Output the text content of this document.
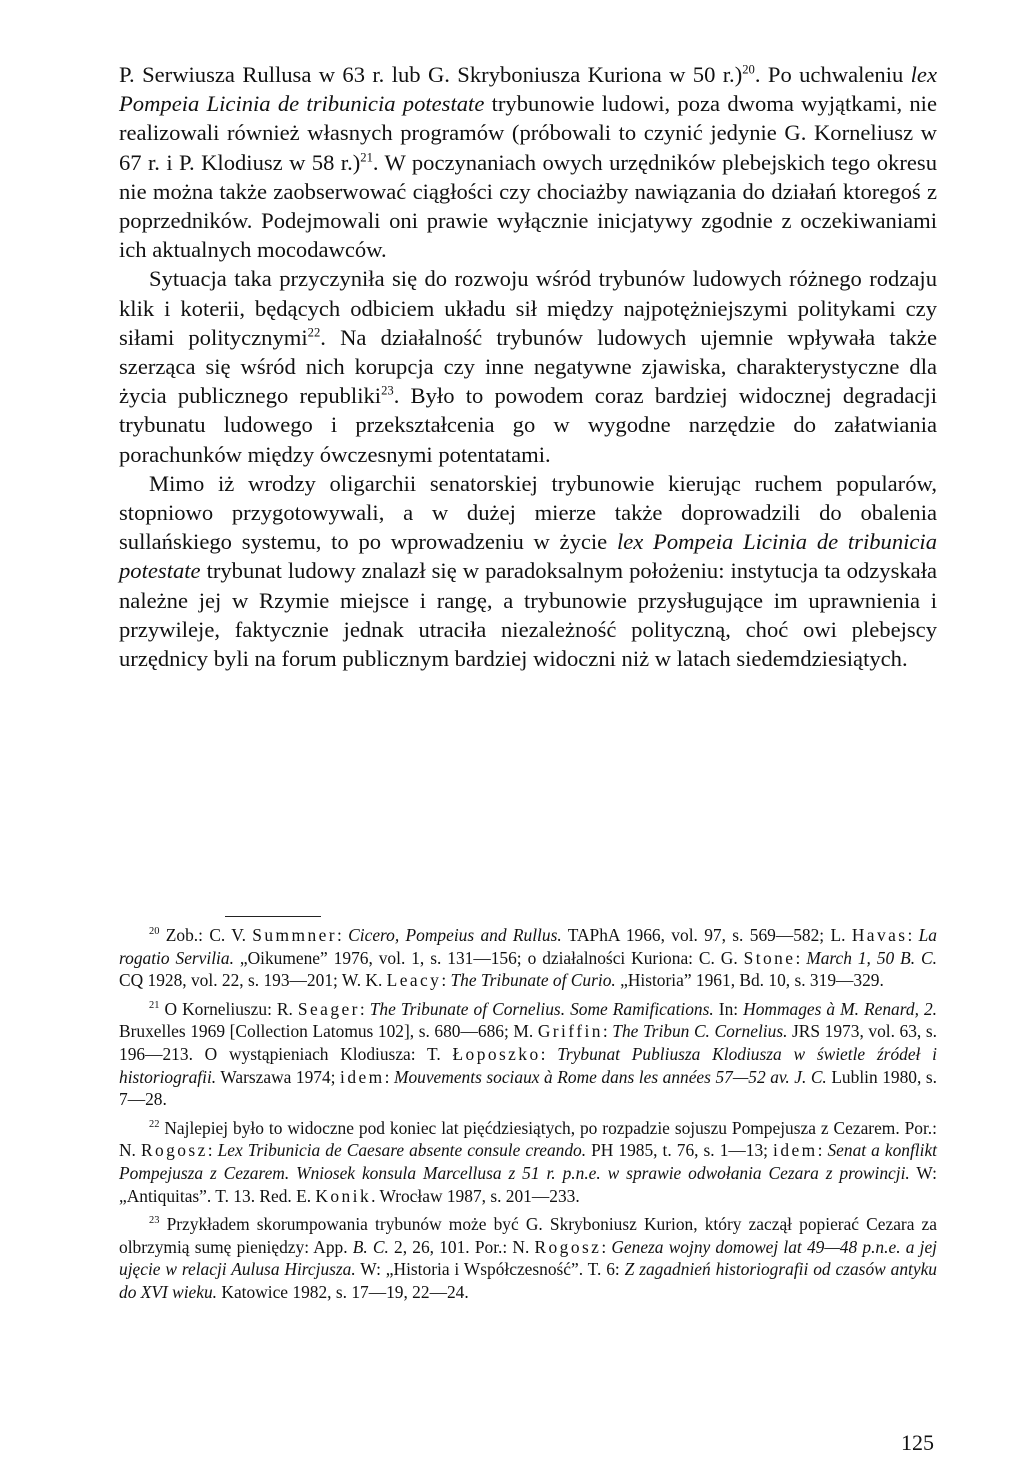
P. Serwiusza Rullusa w 63 r. lub G. Skryboniusza Kuriona w 50 r.)$^{20}$. Po uchwaleniu lex Pompeia Licinia de tribunicia potestate trybunowie ludowi, poza dwoma wyjątkami, nie realizowali również własnych programów (próbowali to czynić jedynie G. Korneliusz w 67 r. i P. Klodiusz w 58 r.)$^{21}$. W poczynaniach owych urzędników plebejskich tego okresu nie można także zaobserwować ciągłości czy chociażby nawiązania do działań ktoregoś z poprzedników. Podejmowali oni prawie wyłącznie inicjatywy zgodnie z oczekiwaniami ich aktualnych mocodawców.

Sytuacja taka przyczyniła się do rozwoju wśród trybunów ludowych różnego rodzaju klik i koterii, będących odbiciem układu sił między najpotężniejszymi politykami czy siłami politycznymi$^{22}$. Na działalność trybunów ludowych ujemnie wpływała także szerząca się wśród nich korupcja czy inne negatywne zjawiska, charakterystyczne dla życia publicznego republiki$^{23}$. Było to powodem coraz bardziej widocznej degradacji trybunatu ludowego i przekształcenia go w wygodne narzędzie do załatwiania porachunków między ówczesnymi potentatami.

Mimo iż wrodzy oligarchii senatorskiej trybunowie kierując ruchem popularów, stopniowo przygotowywali, a w dużej mierze także doprowadzili do obalenia sullańskiego systemu, to po wprowadzeniu w życie lex Pompeia Licinia de tribunicia potestate trybunat ludowy znalazł się w paradoksalnym położeniu: instytucja ta odzyskała należne jej w Rzymie miejsce i rangę, a trybunowie przysługujące im uprawnienia i przywileje, faktycznie jednak utraciła niezależność polityczną, choć owi plebejscy urzędnicy byli na forum publicznym bardziej widoczni niż w latach siedemdziesiątych.

$^{20}$ Zob.: C. V. Summner: Cicero, Pompeius and Rullus. TAPhA 1966, vol. 97, s. 569—582; L. Havas: La rogatio Servilia. „Oikumene” 1976, vol. 1, s. 131—156; o działalności Kuriona: C. G. Stone: March 1, 50 B. C. CQ 1928, vol. 22, s. 193—201; W. K. Leacy: The Tribunate of Curio. „Historia” 1961, Bd. 10, s. 319—329.

$^{21}$ O Korneliuszu: R. Seager: The Tribunate of Cornelius. Some Ramifications. In: Hommages à M. Renard, 2. Bruxelles 1969 [Collection Latomus 102], s. 680—686; M. Griffin: The Tribun C. Cornelius. JRS 1973, vol. 63, s. 196—213. O wystąpieniach Klodiusza: T. Łoposzko: Trybunat Publiusza Klodiusza w świetle źródeł i historiografii. Warszawa 1974; idem: Mouvements sociaux à Rome dans les années 57—52 av. J. C. Lublin 1980, s. 7—28.

$^{22}$ Najlepiej było to widoczne pod koniec lat pięćdziesiątych, po rozpadzie sojuszu Pompejusza z Cezarem. Por.: N. Rogosz: Lex Tribunicia de Caesare absente consule creando. PH 1985, t. 76, s. 1—13; idem: Senat a konflikt Pompejusza z Cezarem. Wniosek konsula Marcellusa z 51 r. p.n.e. w sprawie odwołania Cezara z prowincji. W: „Antiquitas”. T. 13. Red. E. Konik. Wrocław 1987, s. 201—233.

$^{23}$ Przykładem skorumpowania trybunów może być G. Skryboniusz Kurion, który zaczął popierać Cezara za olbrzymią sumę pieniędzy: App. B. C. 2, 26, 101. Por.: N. Rogosz: Geneza wojny domowej lat 49—48 p.n.e. a jej ujęcie w relacji Aulusa Hircjusza. W: „Historia i Współczesność”. T. 6: Z zagadnień historiografii od czasów antyku do XVI wieku. Katowice 1982, s. 17—19, 22—24.

125
